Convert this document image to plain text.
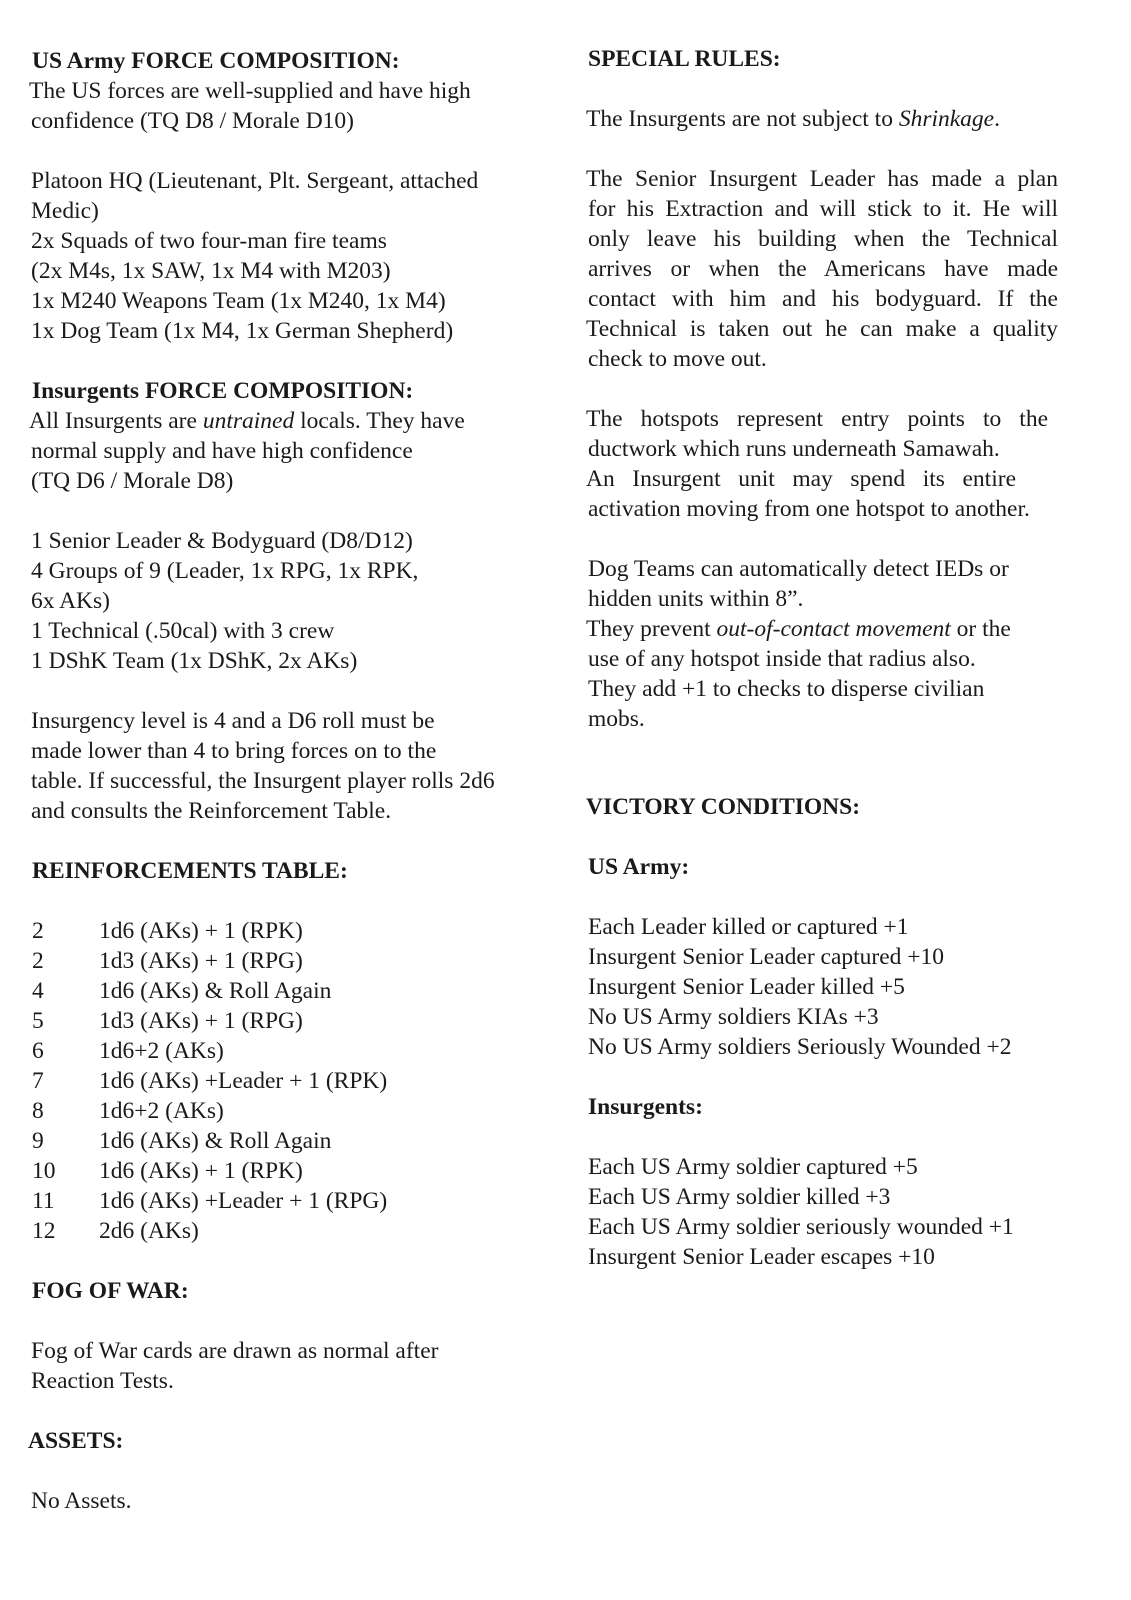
US Army FORCE COMPOSITION:
The US forces are well-supplied and have high
confidence (TQ D8 / Morale D10)
Platoon HQ (Lieutenant, Plt. Sergeant, attached
Medic)
2x Squads of two four-man fire teams
(2x M4s, 1x SAW, 1x M4 with M203)
1x M240 Weapons Team (1x M240, 1x M4)
1x Dog Team (1x M4, 1x German Shepherd)
Insurgents FORCE COMPOSITION:
All Insurgents are untrained locals. They have
normal supply and have high confidence
(TQ D6 / Morale D8)
1 Senior Leader & Bodyguard (D8/D12)
4 Groups of 9 (Leader, 1x RPG, 1x RPK,
6x AKs)
1 Technical (.50cal) with 3 crew
1 DShK Team (1x DShK, 2x AKs)
Insurgency level is 4 and a D6 roll must be
made lower than 4 to bring forces on to the
table. If successful, the Insurgent player rolls 2d6
and consults the Reinforcement Table.
REINFORCEMENTS TABLE:
2 1d6 (AKs) + 1 (RPK)
2 1d3 (AKs) + 1 (RPG)
4 1d6 (AKs) & Roll Again
5 1d3 (AKs) + 1 (RPG)
6 1d6+2 (AKs)
7 1d6 (AKs) +Leader + 1 (RPK)
8 1d6+2 (AKs)
9 1d6 (AKs) & Roll Again
10 1d6 (AKs) + 1 (RPK)
11 1d6 (AKs) +Leader + 1 (RPG)
12 2d6 (AKs)
FOG OF WAR:
Fog of War cards are drawn as normal after
Reaction Tests.
ASSETS:
No Assets.
SPECIAL RULES:
The Insurgents are not subject to Shrinkage.
The Senior Insurgent Leader has made a plan
for his Extraction and will stick to it. He will
only leave his building when the Technical
arrives or when the Americans have made
contact with him and his bodyguard. If the
Technical is taken out he can make a quality
check to move out.
The hotspots represent entry points to the
ductwork which runs underneath Samawah.
An Insurgent unit may spend its entire
activation moving from one hotspot to another.
Dog Teams can automatically detect IEDs or
hidden units within 8”.
They prevent out-of-contact movement or the
use of any hotspot inside that radius also.
They add +1 to checks to disperse civilian
mobs.
VICTORY CONDITIONS:
US Army:
Each Leader killed or captured +1
Insurgent Senior Leader captured +10
Insurgent Senior Leader killed +5
No US Army soldiers KIAs +3
No US Army soldiers Seriously Wounded +2
Insurgents:
Each US Army soldier captured +5
Each US Army soldier killed +3
Each US Army soldier seriously wounded +1
Insurgent Senior Leader escapes +10
